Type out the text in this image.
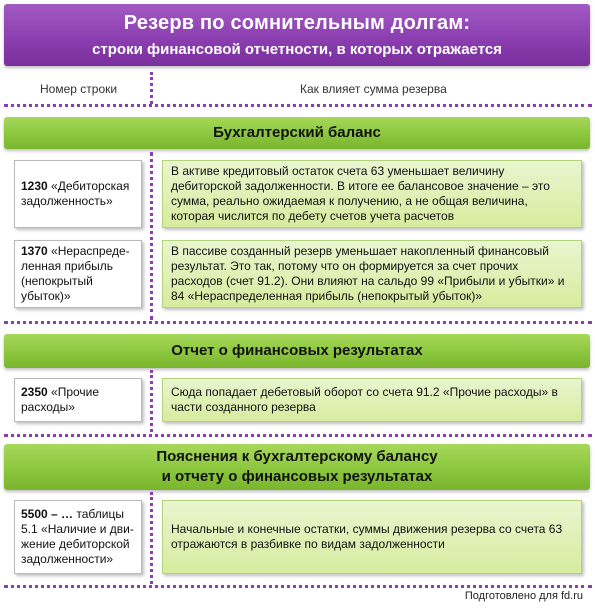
Резерв по сомнительным долгам:
строки финансовой отчетности, в которых отражается
Номер строки	Как влияет сумма резерва
Бухгалтерский баланс
1230 «Дебиторская задолженность»
В активе кредитовый остаток счета 63 уменьшает величину дебиторской задолженности. В итоге ее балансовое значение – это сумма, реально ожидаемая к получению, а не общая величина, которая числится по дебету счетов учета расчетов
1370 «Нераспреде-ленная прибыль (непокрытый убыток)»
В пассиве созданный резерв уменьшает накопленный финансовый результат. Это так, потому что он формируется за счет прочих расходов (счет 91.2). Они влияют на сальдо 99 «Прибыли и убытки» и 84 «Нераспределенная прибыль (непокрытый убыток)»
Отчет о финансовых результатах
2350 «Прочие расходы»
Сюда попадает дебетовый оборот со счета 91.2 «Прочие расходы» в части созданного резерва
Пояснения к бухгалтерскому балансу
и отчету о финансовых результатах
5500 – … таблицы 5.1 «Наличие и дви-жение дебиторской задолженности»
Начальные и конечные остатки, суммы движения резерва со счета 63 отражаются в разбивке по видам задолженности
Подготовлено для fd.ru
